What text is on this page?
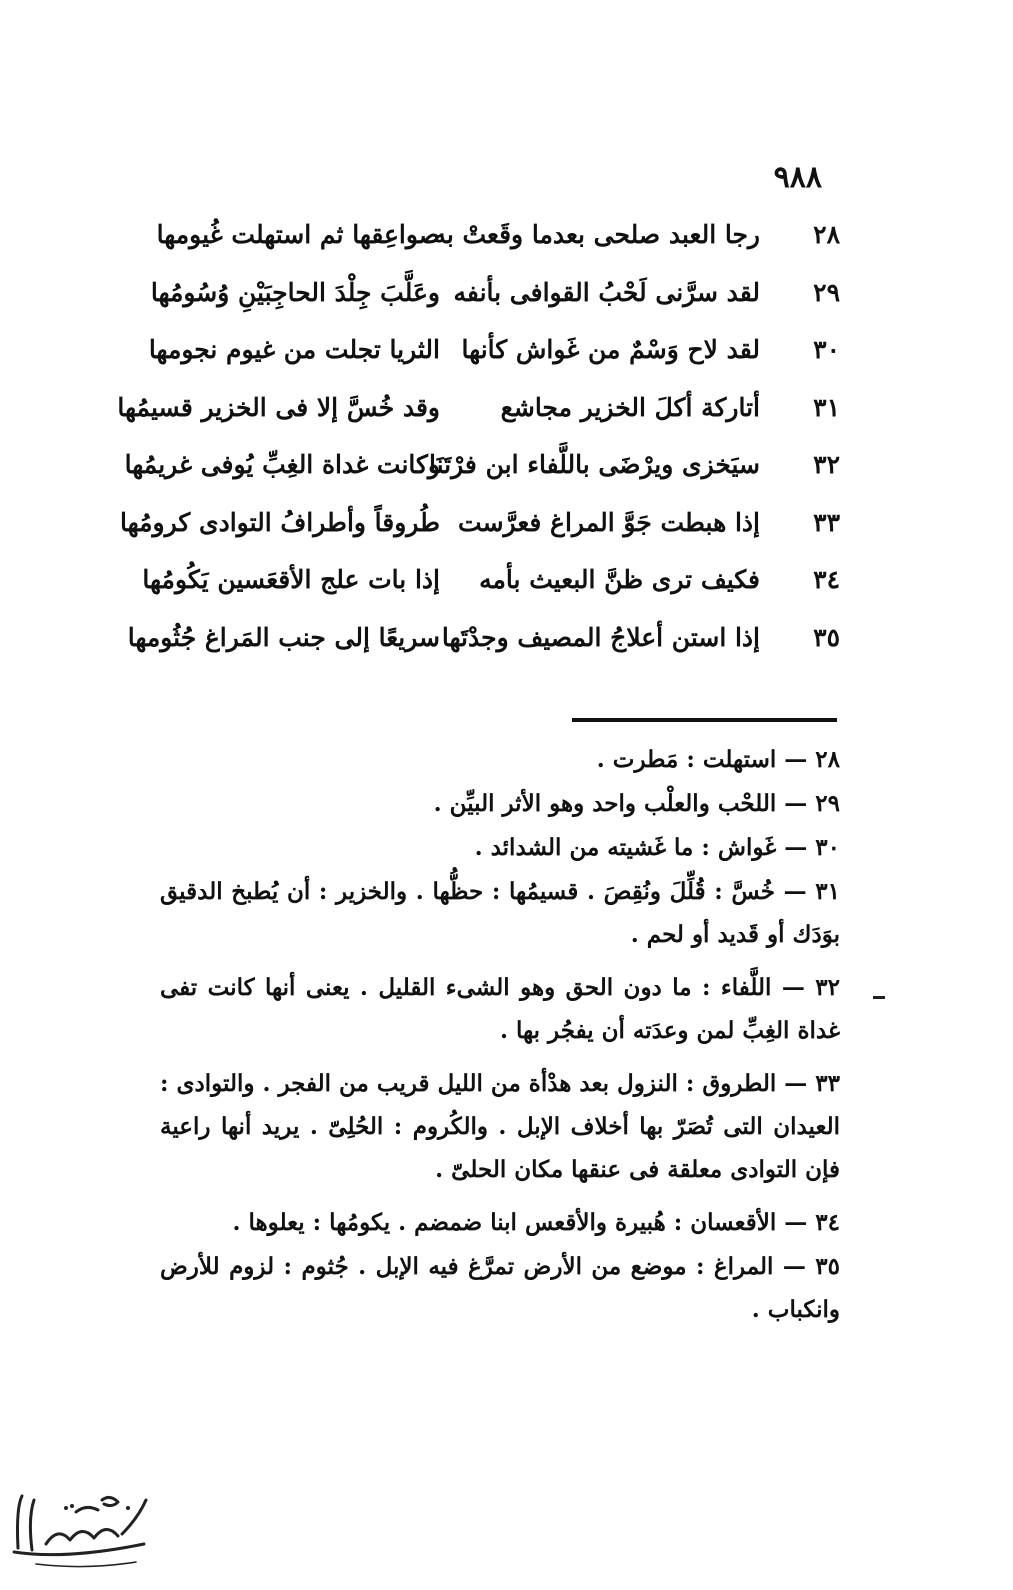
٩٨٨
٢٨
رجا العبد صلحى بعدما وقَعتْ به
صواعِقها ثم استهلت غُيومها
٢٩
لقد سرَّنى لَحْبُ القوافى بأنفه
وعَلَّبَ جِلْدَ الحاجِبَيْنِ وُسُومُها
٣٠
لقد لاح وَسْمٌ من غَواش كأنها
الثريا تجلت من غيوم نجومها
٣١
أتاركة أكلَ الخزير مجاشع
وقد خُسَّ إلا فى الخزير قسيمُها
٣٢
سيَخزى ويرْضَى باللَّفاء ابن فرْتَنَا
وكانت غداة الغِبِّ يُوفى غريمُها
٣٣
إذا هبطت جَوَّ المراغ فعرَّست
طُروقاً وأطرافُ التوادى كرومُها
٣٤
فكيف ترى ظنَّ البعيث بأمه
إذا بات علج الأقعَسين يَكُومُها
٣٥
إذا استن أعلاجُ المصيف وجدْتَها
سريعًا إلى جنب المَراغ جُثُومها

٢٨ — استهلت : مَطرت .

٢٩ — اللحْب والعلْب واحد وهو الأثر البيِّن .

٣٠ — غَواش : ما غَشيته من الشدائد .

٣١ — خُسَّ : قُلِّلَ ونُقِصَ . قسيمُها : حظُّها . والخزير : أن يُطبخ الدقيق بوَدَك أو قَديد أو لحم .

٣٢ — اللَّفاء : ما دون الحق وهو الشىء القليل . يعنى أنها كانت تفى غداة الغِبِّ لمن وعدَته أن يفجُر بها .

٣٣ — الطروق : النزول بعد هدْأة من الليل قريب من الفجر . والتوادى : العيدان التى تُصَرّ بها أخلاف الإبل . والكُروم : الحُلِىّ . يريد أنها راعية فإن التوادى معلقة فى عنقها مكان الحلىّ .

٣٤ — الأقعسان : هُبيرة والأقعس ابنا ضمضم . يكومُها : يعلوها .

٣٥ — المراغ : موضع من الأرض تمرَّغ فيه الإبل . جُثوم : لزوم للأرض وانكباب .
